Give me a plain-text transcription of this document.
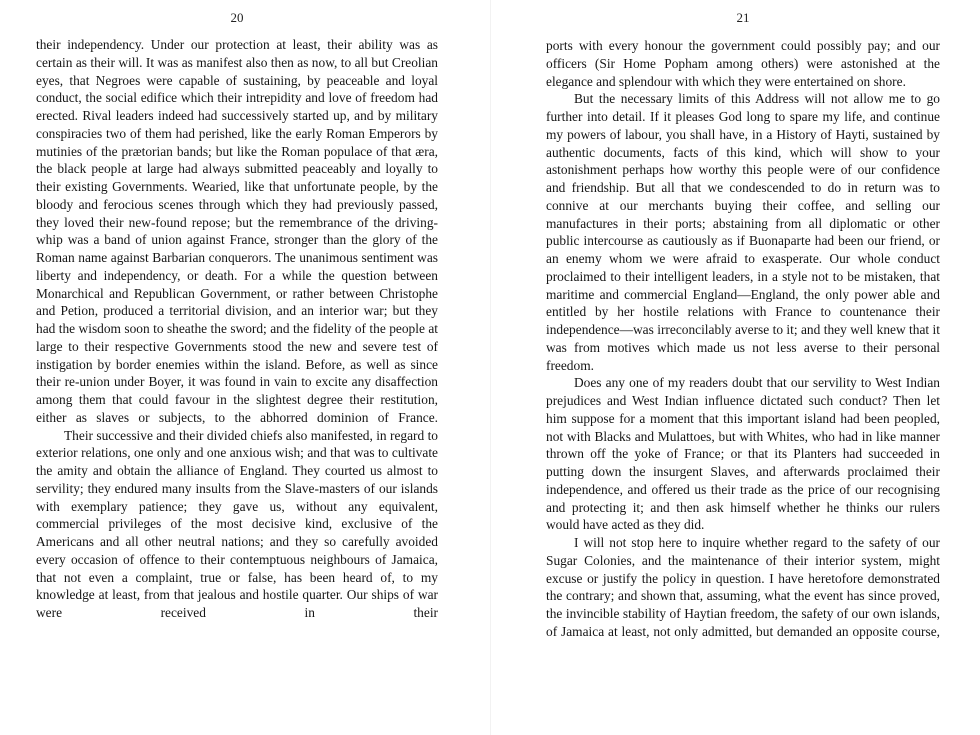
20

their independency. Under our protection at least, their ability was as certain as their will. It was as manifest also then as now, to all but Creolian eyes, that Negroes were capable of sustaining, by peaceable and loyal conduct, the social edifice which their intrepidity and love of freedom had erected. Rival leaders indeed had successively started up, and by military conspiracies two of them had perished, like the early Roman Emperors by mutinies of the prætorian bands; but like the Roman populace of that æra, the black people at large had always submitted peaceably and loyally to their existing Governments. Wearied, like that unfortunate people, by the bloody and ferocious scenes through which they had previously passed, they loved their new-found repose; but the remembrance of the driving-whip was a band of union against France, stronger than the glory of the Roman name against Barbarian conquerors. The unanimous sentiment was liberty and independency, or death. For a while the question between Monarchical and Republican Government, or rather between Christophe and Petion, produced a territorial division, and an interior war; but they had the wisdom soon to sheathe the sword; and the fidelity of the people at large to their respective Governments stood the new and severe test of instigation by border enemies within the island. Before, as well as since their re-union under Boyer, it was found in vain to excite any disaffection among them that could favour in the slightest degree their restitution, either as slaves or subjects, to the abhorred dominion of France.

Their successive and their divided chiefs also manifested, in regard to exterior relations, one only and one anxious wish; and that was to cultivate the amity and obtain the alliance of England. They courted us almost to servility; they endured many insults from the Slave-masters of our islands with exemplary patience; they gave us, without any equivalent, commercial privileges of the most decisive kind, exclusive of the Americans and all other neutral nations; and they so carefully avoided every occasion of offence to their contemptuous neighbours of Jamaica, that not even a complaint, true or false, has been heard of, to my knowledge at least, from that jealous and hostile quarter. Our ships of war were received in their

21

ports with every honour the government could possibly pay; and our officers (Sir Home Popham among others) were astonished at the elegance and splendour with which they were entertained on shore.

But the necessary limits of this Address will not allow me to go further into detail. If it pleases God long to spare my life, and continue my powers of labour, you shall have, in a History of Hayti, sustained by authentic documents, facts of this kind, which will show to your astonishment perhaps how worthy this people were of our confidence and friendship. But all that we condescended to do in return was to connive at our merchants buying their coffee, and selling our manufactures in their ports; abstaining from all diplomatic or other public intercourse as cautiously as if Buonaparte had been our friend, or an enemy whom we were afraid to exasperate. Our whole conduct proclaimed to their intelligent leaders, in a style not to be mistaken, that maritime and commercial England—England, the only power able and entitled by her hostile relations with France to countenance their independence—was irreconcilably averse to it; and they well knew that it was from motives which made us not less averse to their personal freedom.

Does any one of my readers doubt that our servility to West Indian prejudices and West Indian influence dictated such conduct? Then let him suppose for a moment that this important island had been peopled, not with Blacks and Mulattoes, but with Whites, who had in like manner thrown off the yoke of France; or that its Planters had succeeded in putting down the insurgent Slaves, and afterwards proclaimed their independence, and offered us their trade as the price of our recognising and protecting it; and then ask himself whether he thinks our rulers would have acted as they did.

I will not stop here to inquire whether regard to the safety of our Sugar Colonies, and the maintenance of their interior system, might excuse or justify the policy in question. I have heretofore demonstrated the contrary; and shown that, assuming, what the event has since proved, the invincible stability of Haytian freedom, the safety of our own islands, of Jamaica at least, not only admitted, but demanded an opposite course,
